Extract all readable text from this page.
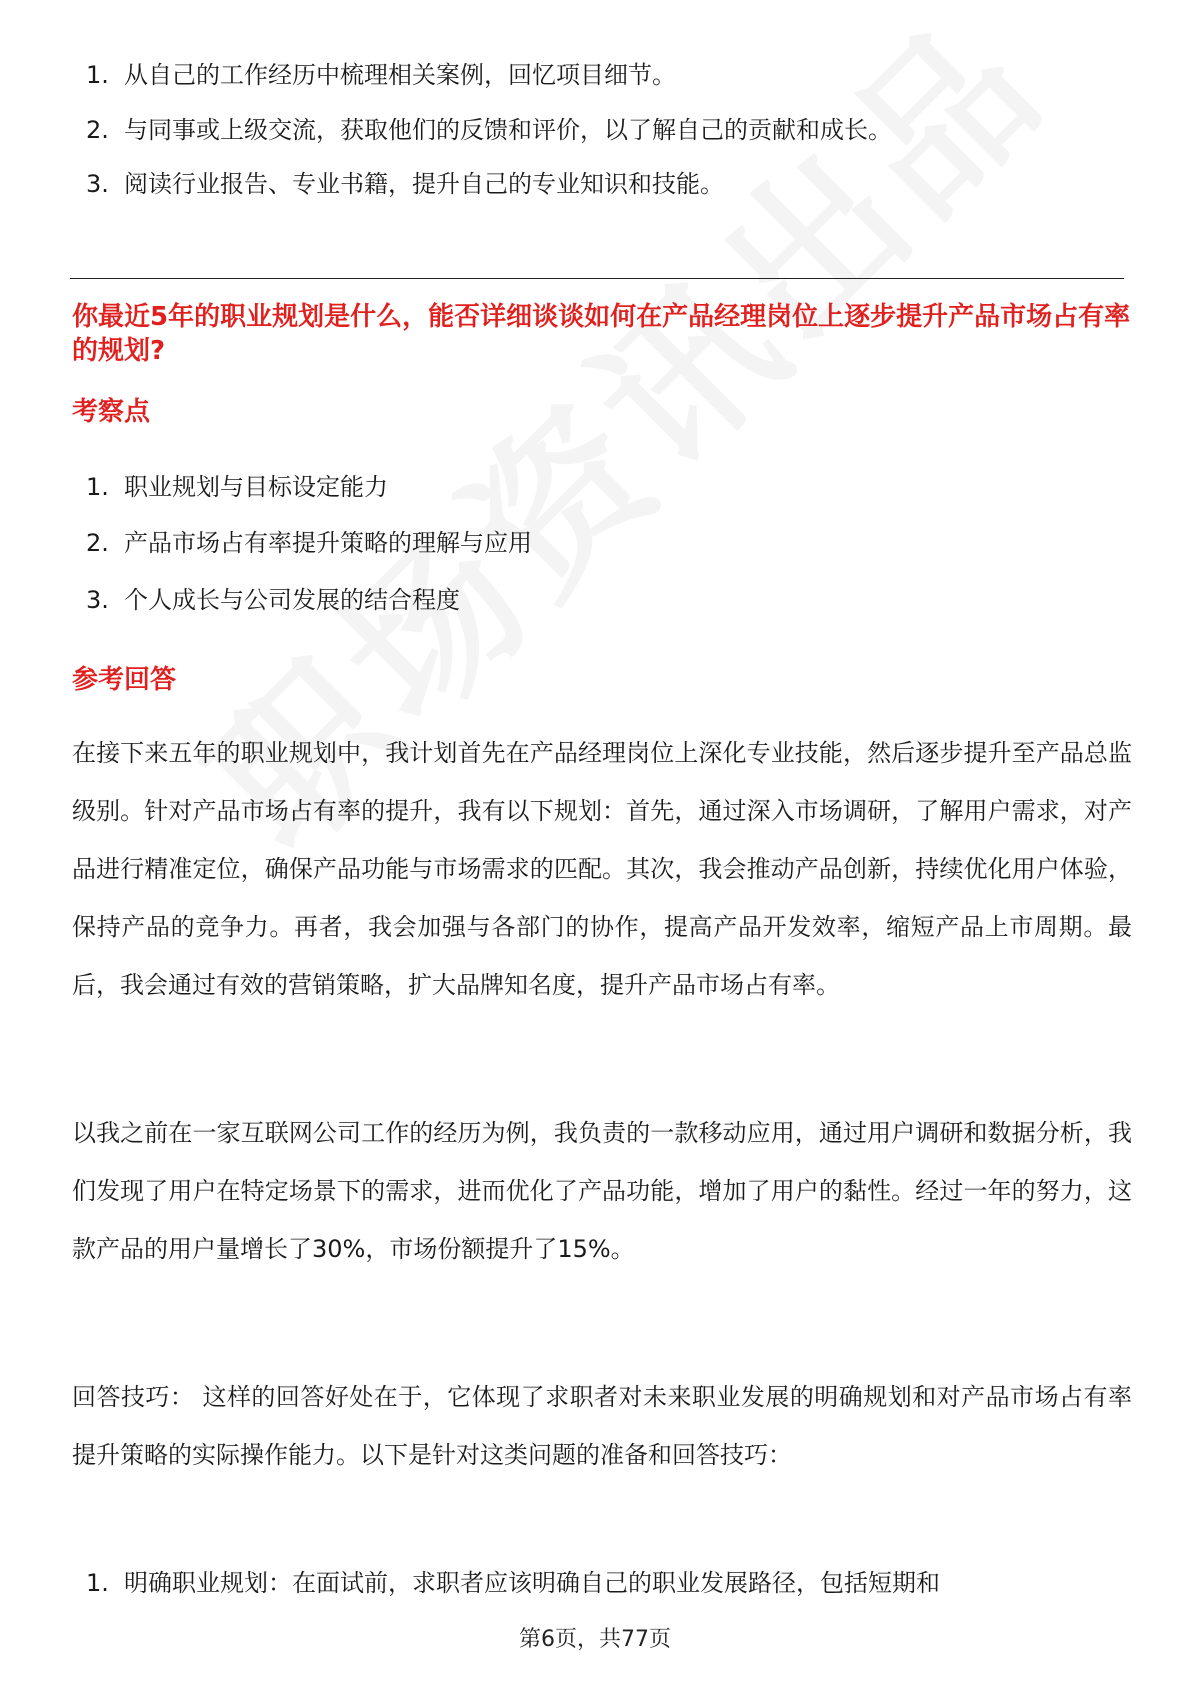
1. 从自己的工作经历中梳理相关案例，回忆项目细节。
2. 与同事或上级交流，获取他们的反馈和评价，以了解自己的贡献和成长。
3. 阅读行业报告、专业书籍，提升自己的专业知识和技能。
你最近5年的职业规划是什么，能否详细谈谈如何在产品经理岗位上逐步提升产品市场占有率的规划?
考察点
1. 职业规划与目标设定能力
2. 产品市场占有率提升策略的理解与应用
3. 个人成长与公司发展的结合程度
参考回答

在接下来五年的职业规划中，我计划首先在产品经理岗位上深化专业技能，然后逐步提升至产品总监级别。针对产品市场占有率的提升，我有以下规划：首先，通过深入市场调研，了解用户需求，对产品进行精准定位，确保产品功能与市场需求的匹配。其次，我会推动产品创新，持续优化用户体验，保持产品的竞争力。再者，我会加强与各部门的协作，提高产品开发效率，缩短产品上市周期。最后，我会通过有效的营销策略，扩大品牌知名度，提升产品市场占有率。

以我之前在一家互联网公司工作的经历为例，我负责的一款移动应用，通过用户调研和数据分析，我们发现了用户在特定场景下的需求，进而优化了产品功能，增加了用户的黏性。经过一年的努力，这款产品的用户量增长了30%，市场份额提升了15%。

回答技巧： 这样的回答好处在于，它体现了求职者对未来职业发展的明确规划和对产品市场占有率提升策略的实际操作能力。以下是针对这类问题的准备和回答技巧：

1. 明确职业规划：在面试前，求职者应该明确自己的职业发展路径，包括短期和
第6页，共77页
